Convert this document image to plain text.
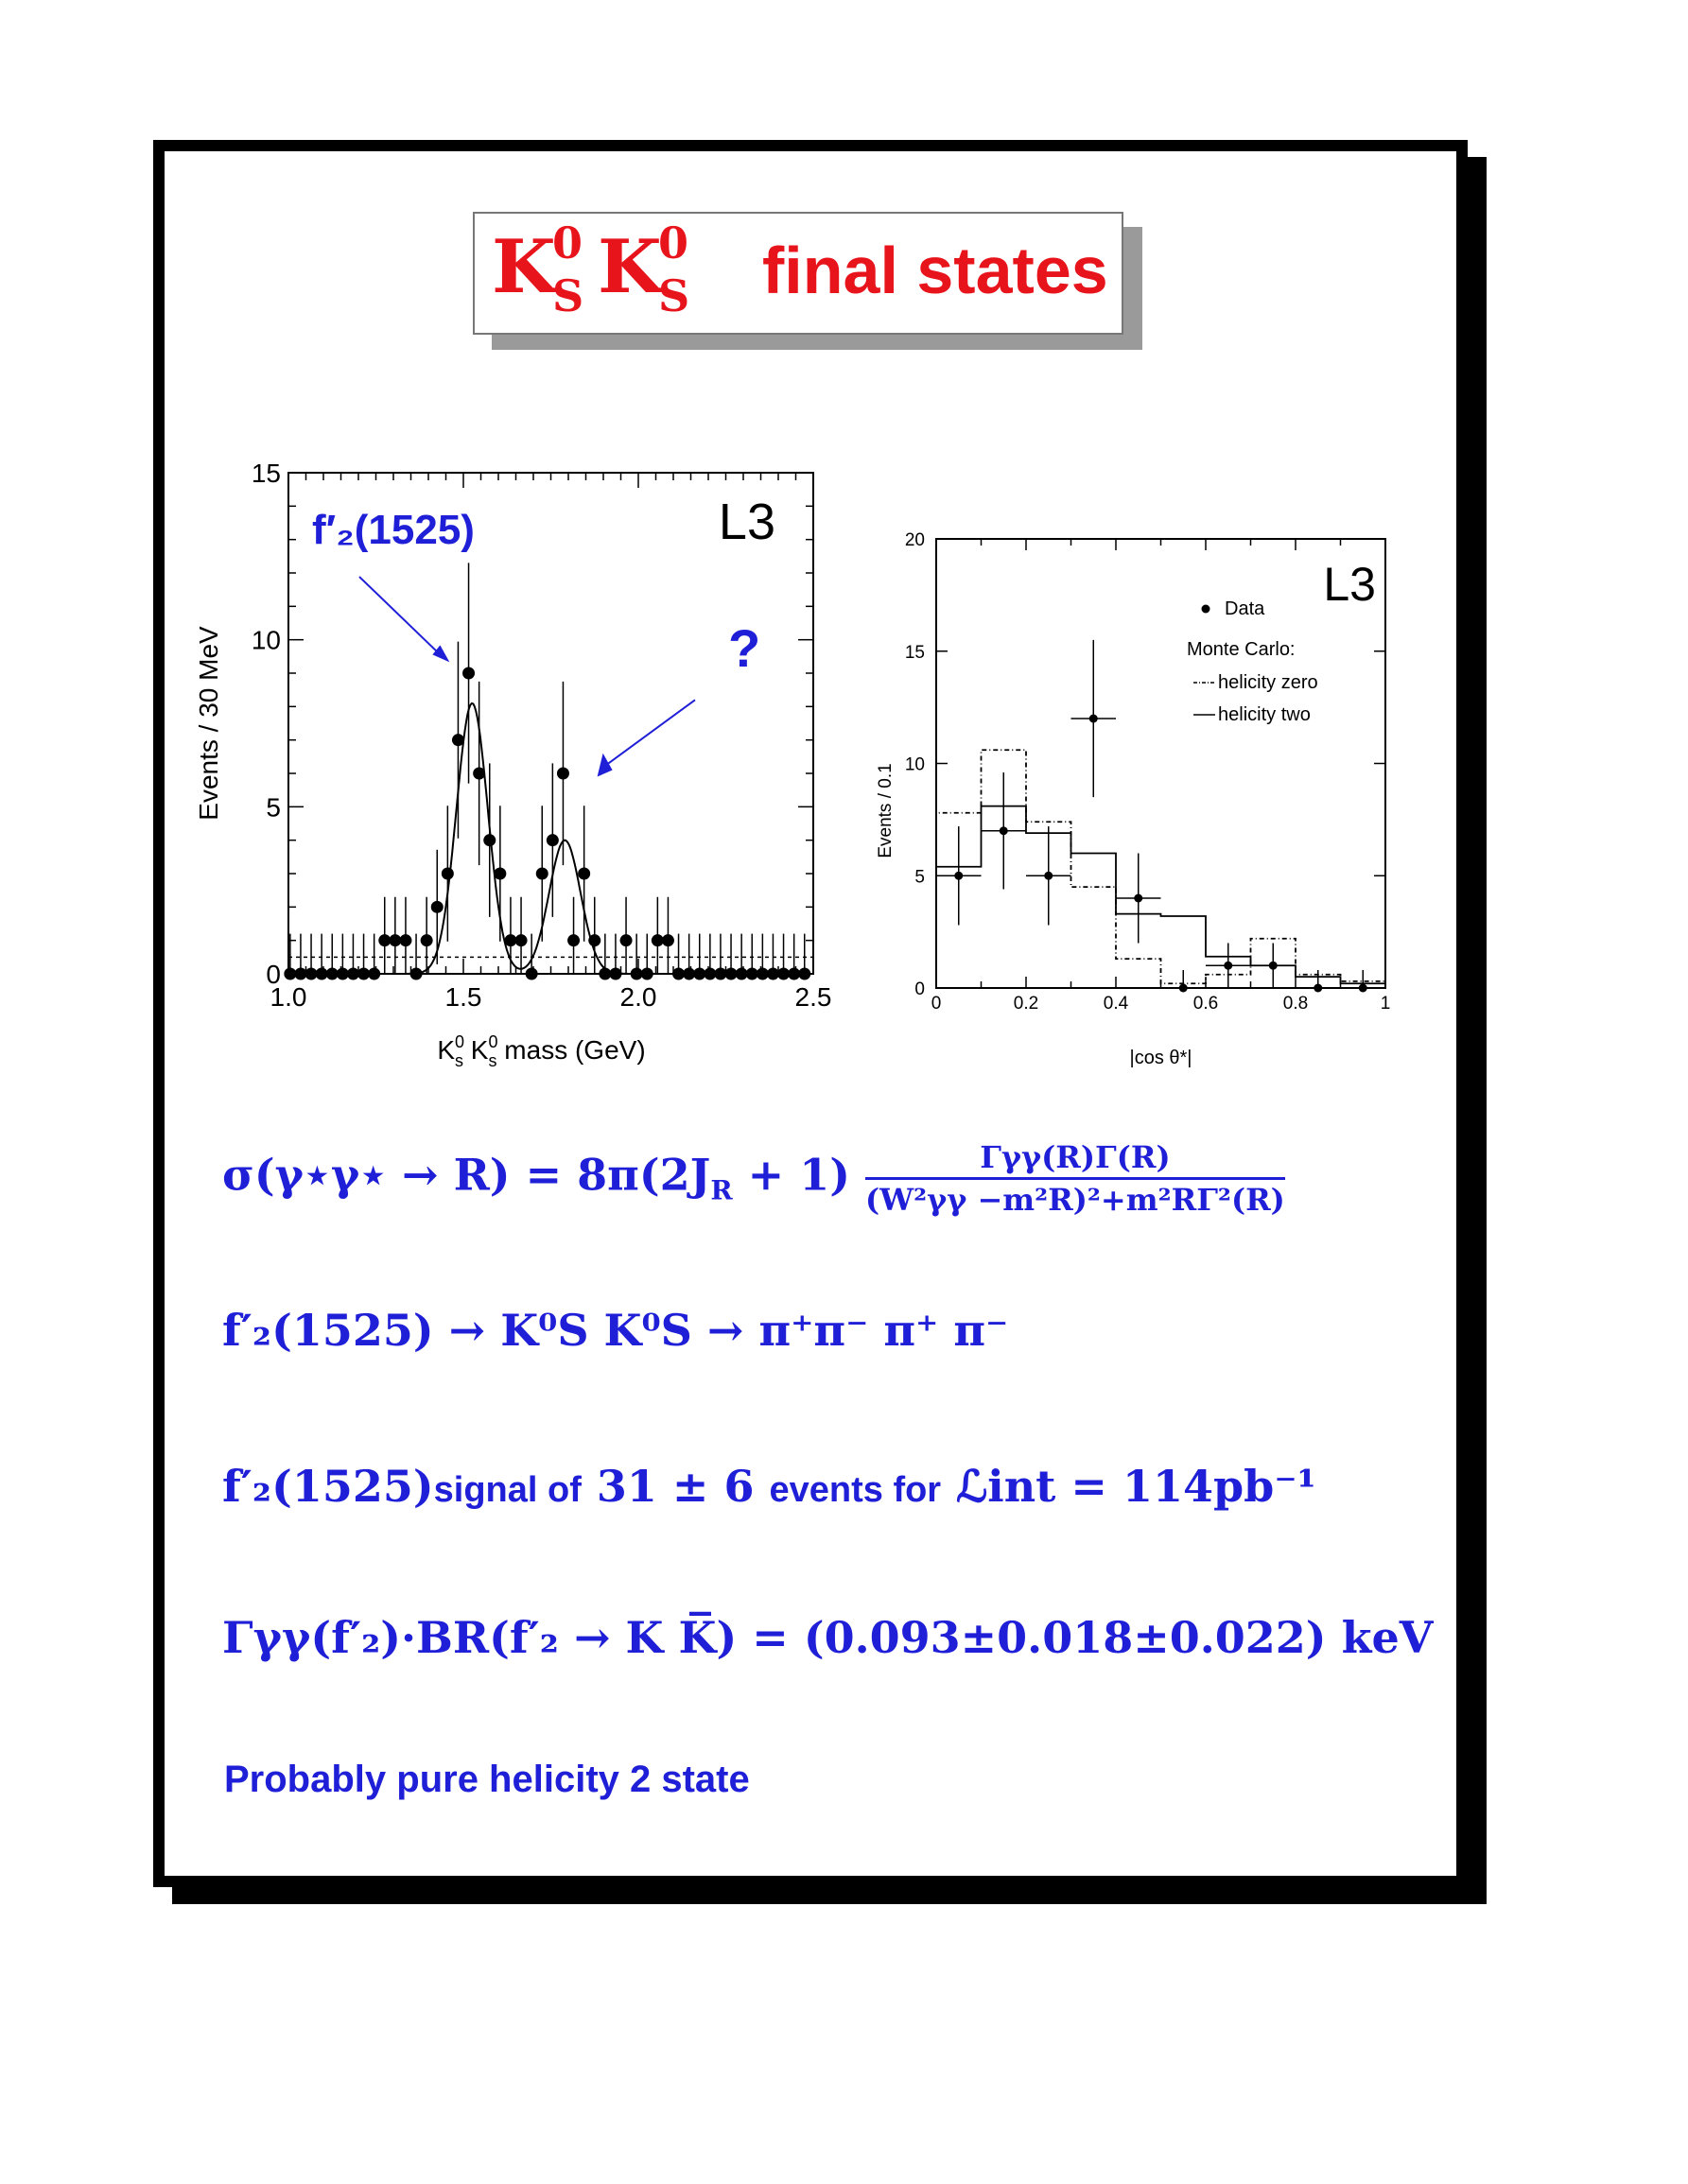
K
0
S K
0
S final states
1.0	1.5	2.0	2.5
0
5
10
15
Events / 30 MeV
$K^0$ s $K^0$ s mass (GeV)
L3
f′₂(1525)
?
0	0.2	0.4	0.6	0.8	1
0
5
10
15
20
Events / 0.1
|cos θ*|
L3
Data
Monte Carlo:
helicity zero
helicity two
σ(γ⋆γ⋆ → $R) = 8\pi(2J_R + 1) \frac{\text{Γγγ(R)Γ(R)}}{\text{(W²γγ −m²R)²+m²RΓ²(R)}}$
f′₂(1525) → K⁰S K⁰S → π⁺π⁻ π⁺ π⁻
f′₂(1525)signal of 31 ± 6 events for ℒint = 114pb⁻¹
Γγγ(f′₂)·BR(f′₂ → K K̅) = (0.093±0.018±0.022) keV
Probably pure helicity 2 state
